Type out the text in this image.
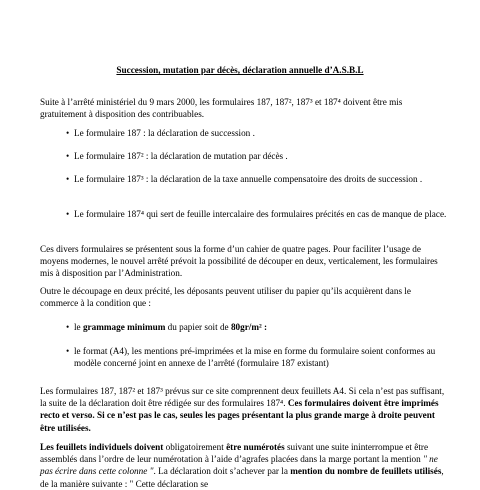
Succession, mutation par décès, déclaration annuelle d’A.S.B.L

Suite à l’arrêté ministériel du 9 mars 2000, les formulaires 187, 187², 187³ et 187⁴ doivent être mis gratuitement à disposition des contribuables.

• Le formulaire 187 : la déclaration de succession .
• Le formulaire 187² : la déclaration de mutation par décès .
• Le formulaire 187³ : la déclaration de la taxe annuelle compensatoire des droits de succession .
• Le formulaire 187⁴ qui sert de feuille intercalaire des formulaires précités en cas de manque de place.

Ces divers formulaires se présentent sous la forme d’un cahier de quatre pages. Pour faciliter l’usage de moyens modernes, le nouvel arrêté prévoit la possibilité de découper en deux, verticalement, les formulaires mis à disposition par l’Administration.

Outre le découpage en deux précité, les déposants peuvent utiliser du papier qu’ils acquièrent dans le commerce à la condition que :

• le grammage minimum du papier soit de 80gr/m² :
• le format (A4), les mentions pré-imprimées et la mise en forme du formulaire soient conformes au modèle concerné joint en annexe de l’arrêté (formulaire 187 existant)

Les formulaires 187, 187² et 187³ prévus sur ce site comprennent deux feuillets A4. Si cela n’est pas suffisant, la suite de la déclaration doit être rédigée sur des formulaires 187⁴. Ces formulaires doivent être imprimés recto et verso. Si ce n’est pas le cas, seules les pages présentant la plus grande marge à droite peuvent être utilisées.

Les feuillets individuels doivent obligatoirement être numérotés suivant une suite ininterrompue et être assemblés dans l’ordre de leur numérotation à l’aide d’agrafes placées dans la marge portant la mention " ne pas écrire dans cette colonne ". La déclaration doit s’achever par la mention du nombre de feuillets utilisés, de la manière suivante : " Cette déclaration se
